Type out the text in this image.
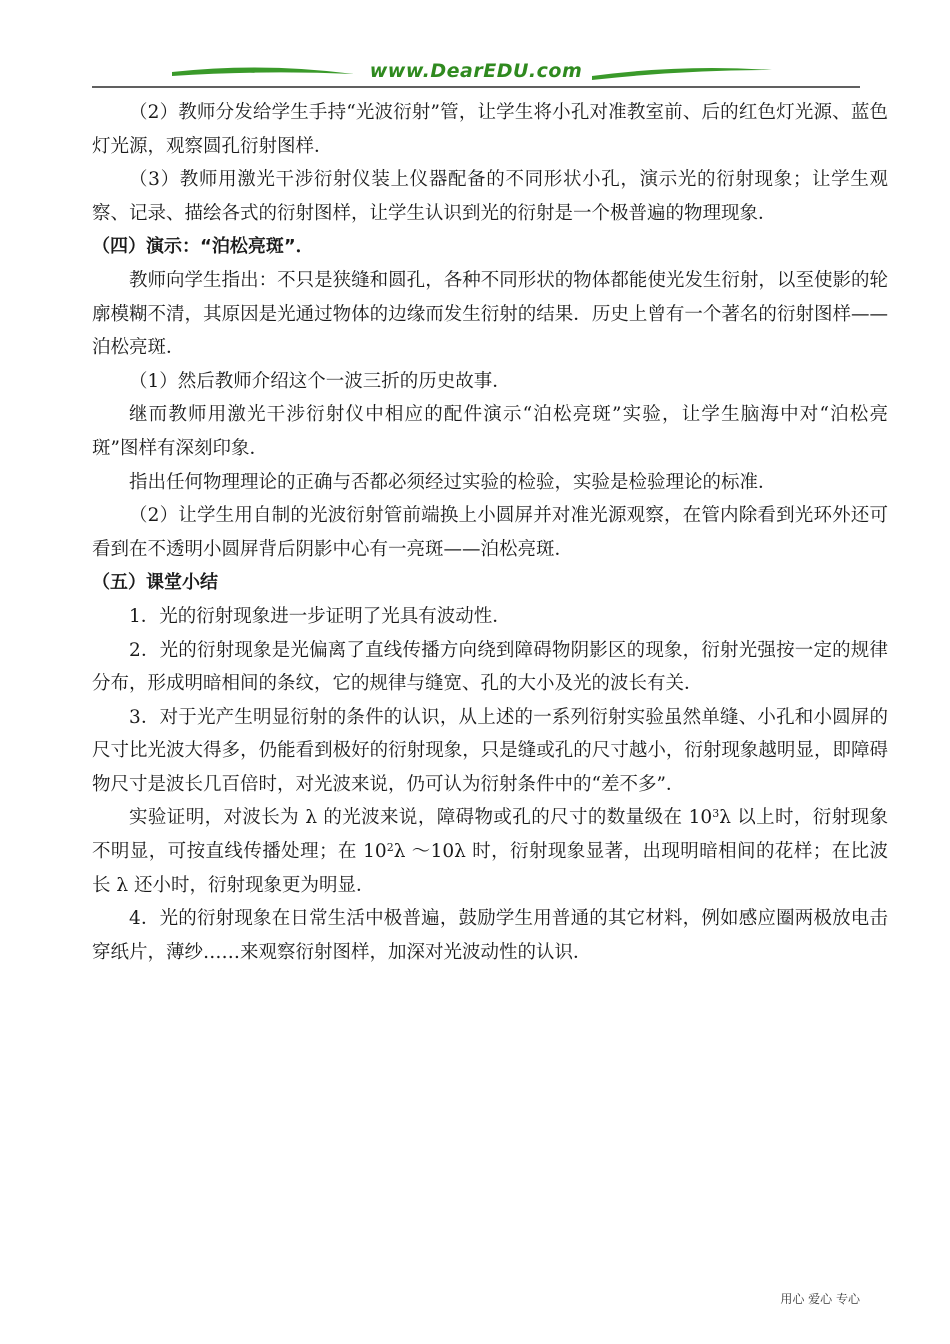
www.DearEDU.com

（2）教师分发给学生手持“光波衍射”管，让学生将小孔对准教室前、后的红色灯光源、蓝色灯光源，观察圆孔衍射图样．

（3）教师用激光干涉衍射仪装上仪器配备的不同形状小孔，演示光的衍射现象；让学生观察、记录、描绘各式的衍射图样，让学生认识到光的衍射是一个极普遍的物理现象．

（四）演示：“泊松亮斑”．

教师向学生指出：不只是狭缝和圆孔，各种不同形状的物体都能使光发生衍射，以至使影的轮廓模糊不清，其原因是光通过物体的边缘而发生衍射的结果．历史上曾有一个著名的衍射图样——泊松亮斑．

（1）然后教师介绍这个一波三折的历史故事．

继而教师用激光干涉衍射仪中相应的配件演示“泊松亮斑”实验，让学生脑海中对“泊松亮斑”图样有深刻印象．

指出任何物理理论的正确与否都必须经过实验的检验，实验是检验理论的标准．

（2）让学生用自制的光波衍射管前端换上小圆屏并对准光源观察，在管内除看到光环外还可看到在不透明小圆屏背后阴影中心有一亮斑——泊松亮斑．

（五）课堂小结

1．光的衍射现象进一步证明了光具有波动性．

2．光的衍射现象是光偏离了直线传播方向绕到障碍物阴影区的现象，衍射光强按一定的规律分布，形成明暗相间的条纹，它的规律与缝宽、孔的大小及光的波长有关．

3．对于光产生明显衍射的条件的认识，从上述的一系列衍射实验虽然单缝、小孔和小圆屏的尺寸比光波大得多，仍能看到极好的衍射现象，只是缝或孔的尺寸越小，衍射现象越明显，即障碍物尺寸是波长几百倍时，对光波来说，仍可认为衍射条件中的“差不多”．

实验证明，对波长为 λ 的光波来说，障碍物或孔的尺寸的数量级在 $10^3\lambda$ 以上时，衍射现象不明显，可按直线传播处理；在 $10^2\lambda$ ～10λ 时，衍射现象显著，出现明暗相间的花样；在比波长 λ 还小时，衍射现象更为明显．

4．光的衍射现象在日常生活中极普遍，鼓励学生用普通的其它材料，例如感应圈两极放电击穿纸片，薄纱……来观察衍射图样，加深对光波动性的认识．

用心 爱心 专心
